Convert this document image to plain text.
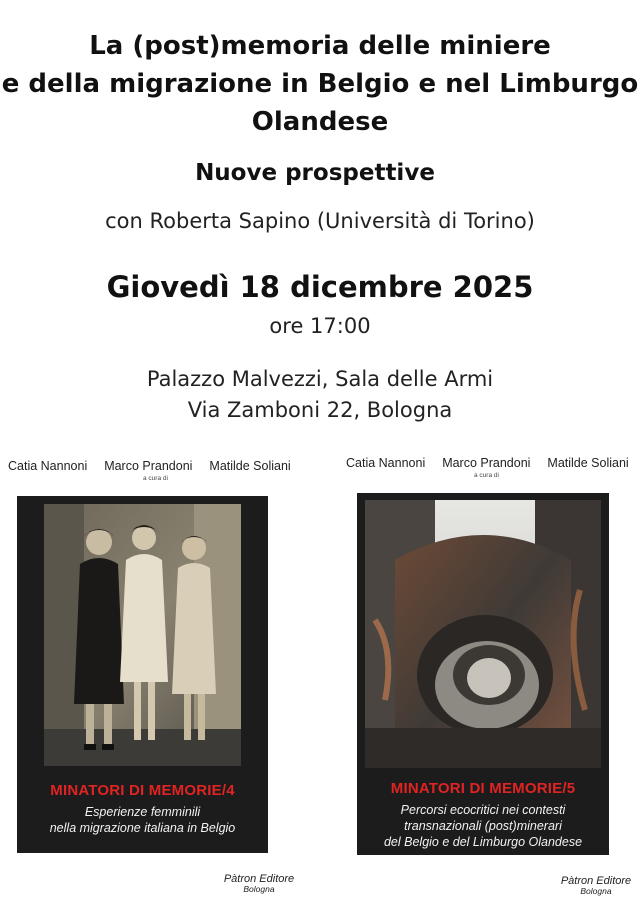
La (post)memoria delle miniere
e della migrazione in Belgio e nel Limburgo
Olandese
Nuove prospettive
con Roberta Sapino (Università di Torino)
Giovedì 18 dicembre 2025
ore 17:00
Palazzo Malvezzi, Sala delle Armi
Via Zamboni 22, Bologna
Catia Nannoni Marco Prandoni Matilde Soliani
a cura di
MINATORI DI MEMORIE/4
Esperienze femminili
nella migrazione italiana in Belgio
Pàtron Editore
Bologna
Catia Nannoni Marco Prandoni Matilde Soliani
a cura di
MINATORI DI MEMORIE/5
Percorsi ecocritici nei contesti
transnazionali (post)minerari
del Belgio e del Limburgo Olandese
Pàtron Editore
Bologna
